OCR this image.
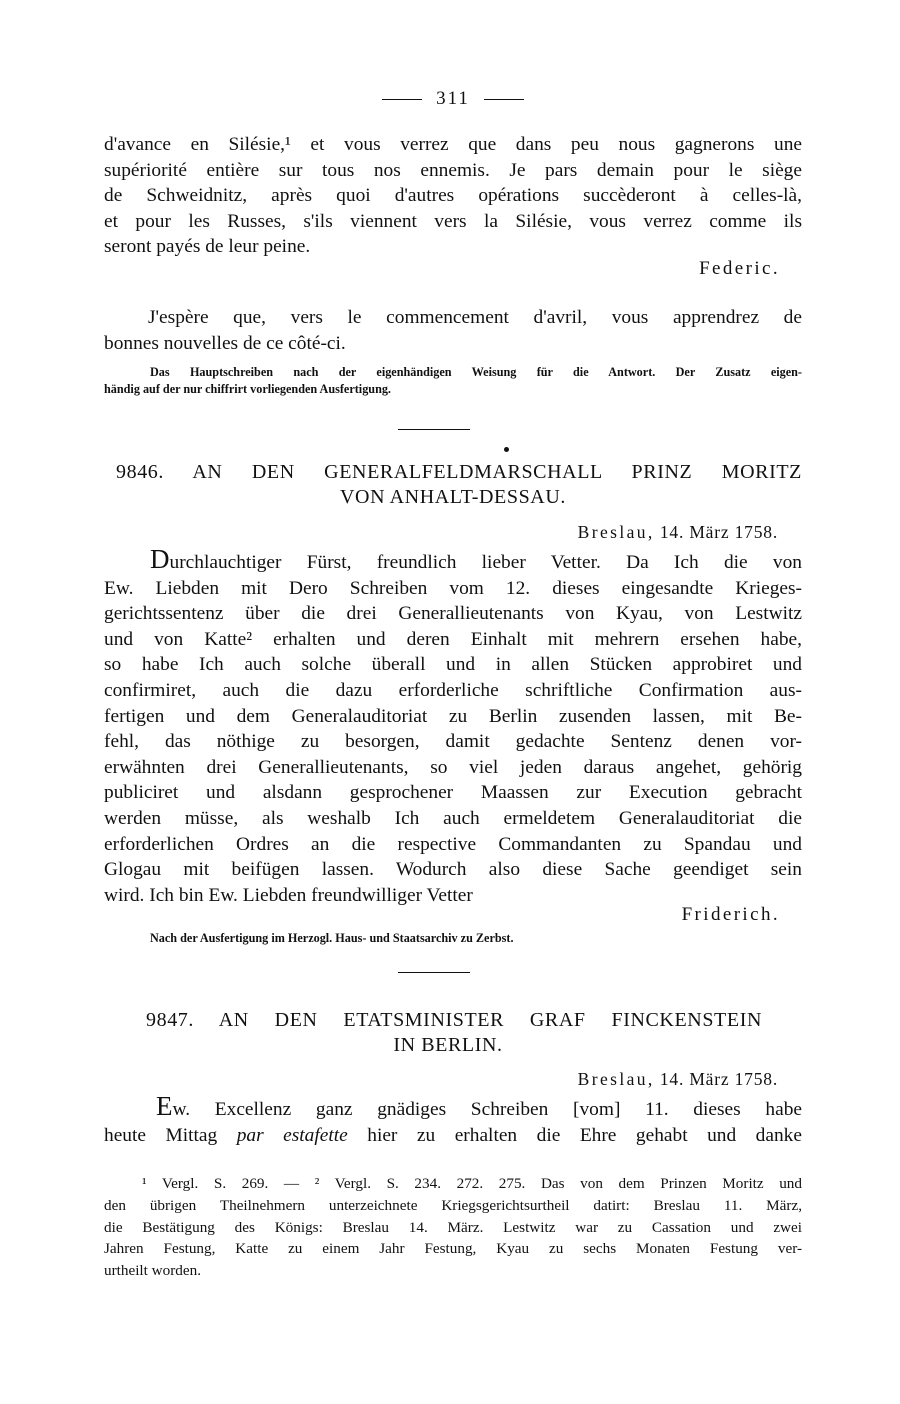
311
d'avance en Silésie,¹ et vous verrez que dans peu nous gagnerons une
supériorité entière sur tous nos ennemis. Je pars demain pour le siège
de Schweidnitz, après quoi d'autres opérations succèderont à celles-là,
et pour les Russes, s'ils viennent vers la Silésie, vous verrez comme ils
seront payés de leur peine.
Federic.
J'espère que, vers le commencement d'avril, vous apprendrez de
bonnes nouvelles de ce côté-ci.
Das Hauptschreiben nach der eigenhändigen Weisung für die Antwort. Der Zusatz eigen-
händig auf der nur chiffrirt vorliegenden Ausfertigung.
9846. AN DEN GENERALFELDMARSCHALL PRINZ MORITZ
VON ANHALT-DESSAU.
Breslau, 14. März 1758.
Durchlauchtiger Fürst, freundlich lieber Vetter. Da Ich die von
Ew. Liebden mit Dero Schreiben vom 12. dieses eingesandte Krieges-
gerichtssentenz über die drei Generallieutenants von Kyau, von Lestwitz
und von Katte² erhalten und deren Einhalt mit mehrern ersehen habe,
so habe Ich auch solche überall und in allen Stücken approbiret und
confirmiret, auch die dazu erforderliche schriftliche Confirmation aus-
fertigen und dem Generalauditoriat zu Berlin zusenden lassen, mit Be-
fehl, das nöthige zu besorgen, damit gedachte Sentenz denen vor-
erwähnten drei Generallieutenants, so viel jeden daraus angehet, gehörig
publiciret und alsdann gesprochener Maassen zur Execution gebracht
werden müsse, als weshalb Ich auch ermeldetem Generalauditoriat die
erforderlichen Ordres an die respective Commandanten zu Spandau und
Glogau mit beifügen lassen. Wodurch also diese Sache geendiget sein
wird. Ich bin Ew. Liebden freundwilliger Vetter
Friderich.
Nach der Ausfertigung im Herzogl. Haus- und Staatsarchiv zu Zerbst.
9847. AN DEN ETATSMINISTER GRAF FINCKENSTEIN
IN BERLIN.
Breslau, 14. März 1758.
Ew. Excellenz ganz gnädiges Schreiben [vom] 11. dieses habe
heute Mittag par estafette hier zu erhalten die Ehre gehabt und danke
¹ Vergl. S. 269. — ² Vergl. S. 234. 272. 275. Das von dem Prinzen Moritz und
den übrigen Theilnehmern unterzeichnete Kriegsgerichtsurtheil datirt: Breslau 11. März,
die Bestätigung des Königs: Breslau 14. März. Lestwitz war zu Cassation und zwei
Jahren Festung, Katte zu einem Jahr Festung, Kyau zu sechs Monaten Festung ver-
urtheilt worden.
